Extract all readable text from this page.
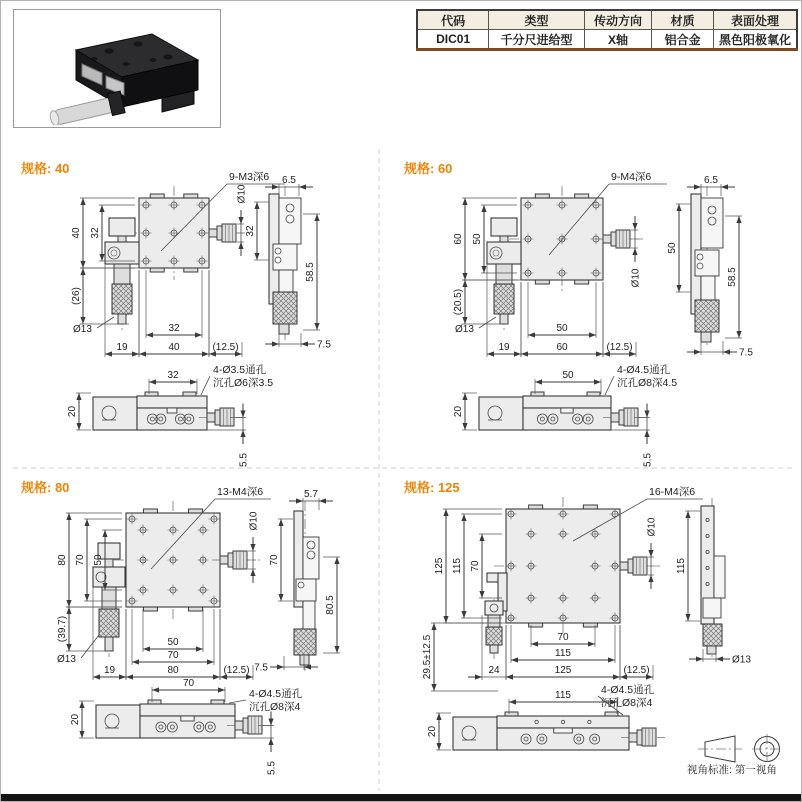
代码	类型	传动方向	材质	表面处理
DIC01	千分尺进给型	X轴	铝合金	黑色阳极氧化
规格: 40
9-M3深6
Ø10
40 32
(26)
Ø13	32
19	40	(12.5)
6.5
32
58.5
7.5
32	4-Ø3.5通孔
沉孔Ø6深3.5
20
5.5
规格: 60
9-M4深6
Ø10
60 50
(20.5)
Ø13	50
19	60	(12.5)
6.5
50
58.5
7.5
50	4-Ø4.5通孔
沉孔Ø8深4.5
20
5.5
规格: 80	13-M4深6
Ø10
80 70 50
(39.7)
Ø13
50
70
19	80	(12.5)
5.7
70
80.5
7.5
70
4-Ø4.5通孔
沉孔Ø8深4
20
5.5
规格: 125	16-M4深6
Ø10
125 115 70
29.5±12.5	70
115
24	125	(12.5)
115
Ø13
115	4-Ø4.5通孔
沉孔Ø8深4
20
视角标准: 第一视角
